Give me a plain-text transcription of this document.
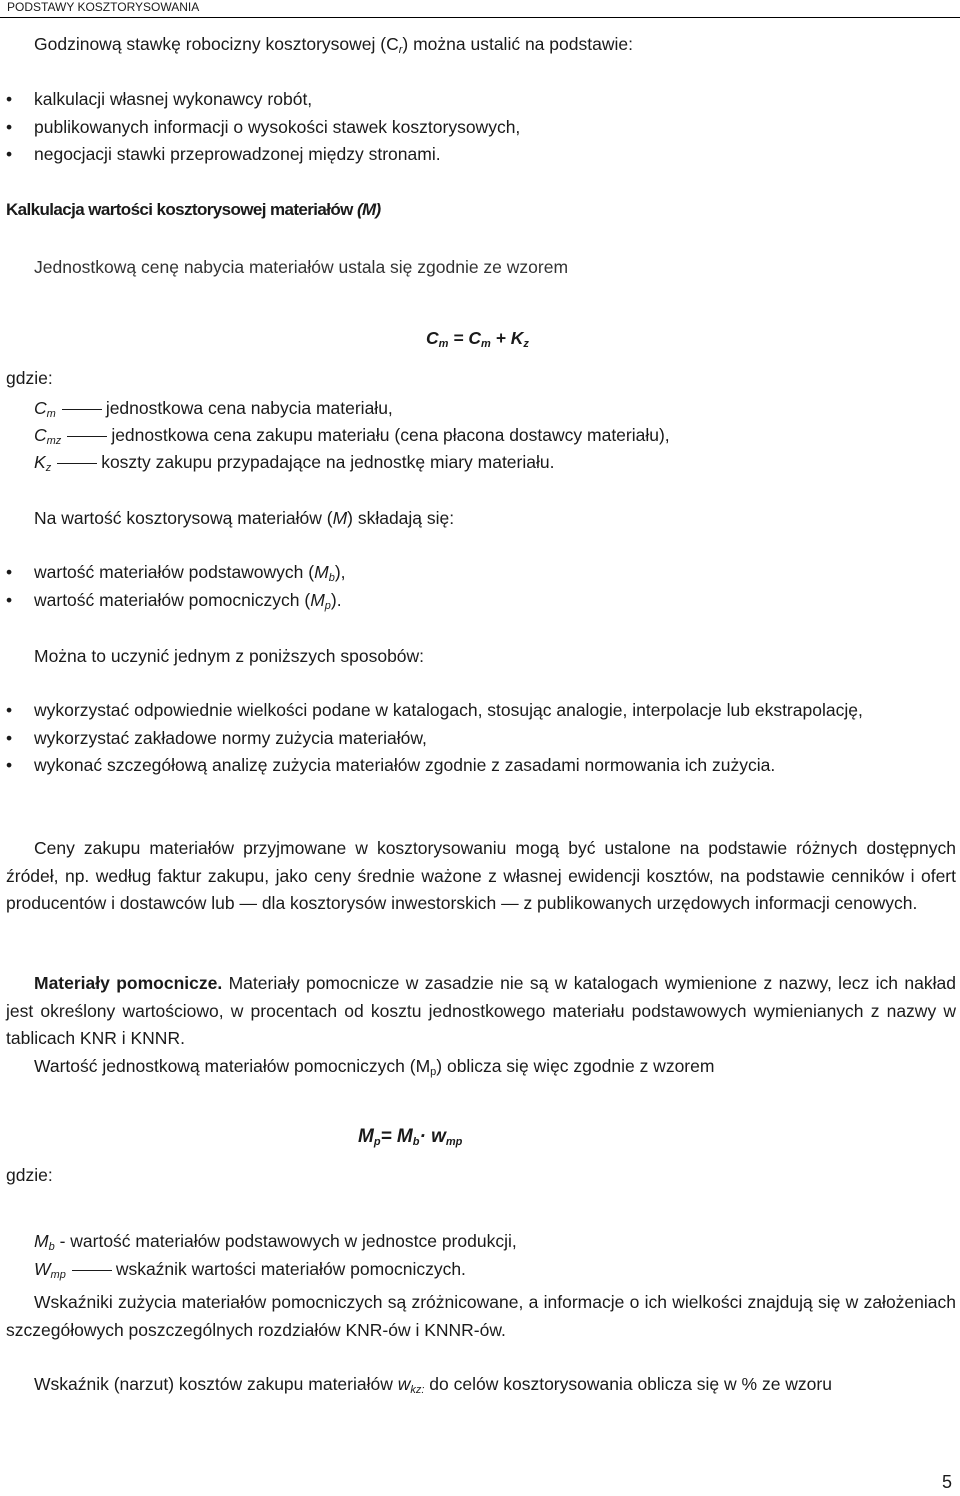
PODSTAWY KOSZTORYSOWANIA
Godzinową stawkę robocizny kosztorysowej $(C_r)$ można ustalić na podstawie:
• kalkulacji własnej wykonawcy robót,
• publikowanych informacji o wysokości stawek kosztorysowych,
• negocjacji stawki przeprowadzonej między stronami.
Kalkulacja wartości kosztorysowej materiałów (M)
Jednostkową cenę nabycia materiałów ustala się zgodnie ze wzorem
$C_m = C_m + K_z$
gdzie:
$C_m$	jednostkowa cena nabycia materiału,
$C_{mz}$	jednostkowa cena zakupu materiału (cena płacona dostawcy materiału),
$K_z$	koszty zakupu przypadające na jednostkę miary materiału.
Na wartość kosztorysową materiałów (M) składają się:
• wartość materiałów podstawowych $(M_b)$,
• wartość materiałów pomocniczych $(M_p)$.
Można to uczynić jednym z poniższych sposobów:
• wykorzystać odpowiednie wielkości podane w katalogach, stosując analogie, interpolacje lub ekstrapolację,
• wykorzystać zakładowe normy zużycia materiałów,
• wykonać szczegółową analizę zużycia materiałów zgodnie z zasadami normowania ich zużycia.
Ceny zakupu materiałów przyjmowane w kosztorysowaniu mogą być ustalone na podstawie różnych dostępnych źródeł, np. według faktur zakupu, jako ceny średnie ważone z własnej ewidencji kosztów, na podstawie cenników i ofert producentów i dostawców lub — dla kosztorysów inwestorskich — z publikowanych urzędowych informacji cenowych.
Materiały pomocnicze. Materiały pomocnicze w zasadzie nie są w katalogach wymienione z nazwy, lecz ich nakład jest określony wartościowo, w procentach od kosztu jednostkowego materiału podstawowych wymienianych z nazwy w tablicach KNR i KNNR.
Wartość jednostkową materiałów pomocniczych $(M_p)$ oblicza się więc zgodnie z wzorem
$M_p= M_b\cdot w_{mp}$
gdzie:
$M_b$ - wartość materiałów podstawowych w jednostce produkcji,
$W_{mp}$	wskaźnik wartości materiałów pomocniczych.
Wskaźniki zużycia materiałów pomocniczych są zróżnicowane, a informacje o ich wielkości znajdują się w założeniach szczegółowych poszczególnych rozdziałów KNR-ów i KNNR-ów.
Wskaźnik (narzut) kosztów zakupu materiałów $w_{kz:}$ do celów kosztorysowania oblicza się w % ze wzoru
5
